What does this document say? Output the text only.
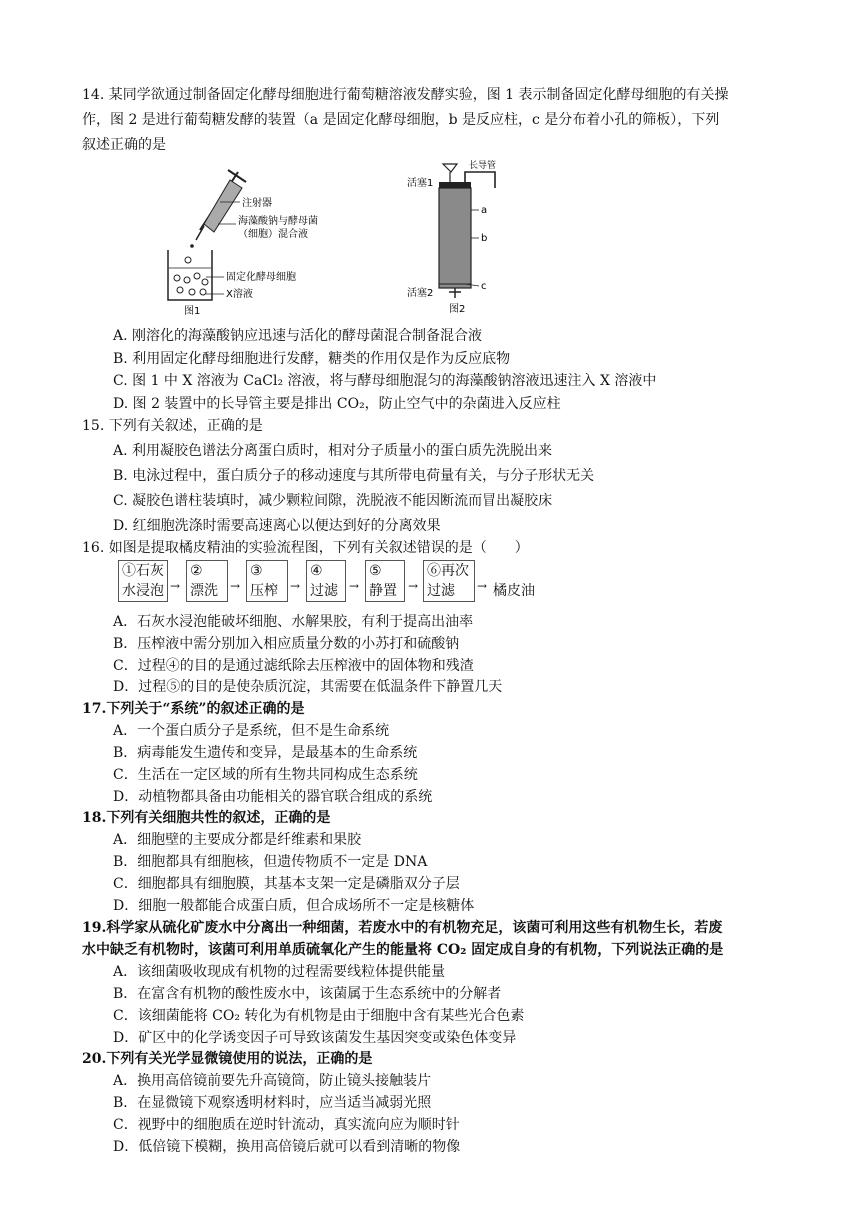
14. 某同学欲通过制备固定化酵母细胞进行葡萄糖溶液发酵实验，图 1 表示制备固定化酵母细胞的有关操
作，图 2 是进行葡萄糖发酵的装置（a 是固定化酵母细胞，b 是反应柱，c 是分布着小孔的筛板），下列
叙述正确的是
注射器
海藻酸钠与酵母菌
（细胞）混合液
固定化酵母细胞
X溶液
图1
活塞1
长导管
a
b
c
活塞2
图2
A. 刚溶化的海藻酸钠应迅速与活化的酵母菌混合制备混合液
B. 利用固定化酵母细胞进行发酵，糖类的作用仅是作为反应底物
C. 图 1 中 X 溶液为 CaCl₂ 溶液，将与酵母细胞混匀的海藻酸钠溶液迅速注入 X 溶液中
D. 图 2 装置中的长导管主要是排出 CO₂，防止空气中的杂菌进入反应柱
15. 下列有关叙述，正确的是
A. 利用凝胶色谱法分离蛋白质时，相对分子质量小的蛋白质先洗脱出来
B. 电泳过程中，蛋白质分子的移动速度与其所带电荷量有关，与分子形状无关
C. 凝胶色谱柱装填时，减少颗粒间隙，洗脱液不能因断流而冒出凝胶床
D. 红细胞洗涤时需要高速离心以便达到好的分离效果
16. 如图是提取橘皮精油的实验流程图，下列有关叙述错误的是（　　）
①石灰
水浸泡 →
②
漂洗	→
③
压榨	→
④
过滤 →
⑤
静置 →
⑥再次
过滤	→ 橘皮油
A．石灰水浸泡能破坏细胞、水解果胶，有利于提高出油率
B．压榨液中需分别加入相应质量分数的小苏打和硫酸钠
C．过程④的目的是通过滤纸除去压榨液中的固体物和残渣
D．过程⑤的目的是使杂质沉淀，其需要在低温条件下静置几天
17.下列关于“系统”的叙述正确的是
A．一个蛋白质分子是系统，但不是生命系统
B．病毒能发生遗传和变异，是最基本的生命系统
C．生活在一定区域的所有生物共同构成生态系统
D．动植物都具备由功能相关的器官联合组成的系统
18.下列有关细胞共性的叙述，正确的是
A．细胞壁的主要成分都是纤维素和果胶
B．细胞都具有细胞核，但遗传物质不一定是 DNA
C．细胞都具有细胞膜，其基本支架一定是磷脂双分子层
D．细胞一般都能合成蛋白质，但合成场所不一定是核糖体
19.科学家从硫化矿废水中分离出一种细菌，若废水中的有机物充足，该菌可利用这些有机物生长，若废
水中缺乏有机物时，该菌可利用单质硫氧化产生的能量将 CO₂ 固定成自身的有机物，下列说法正确的是
A．该细菌吸收现成有机物的过程需要线粒体提供能量
B．在富含有机物的酸性废水中，该菌属于生态系统中的分解者
C．该细菌能将 CO₂ 转化为有机物是由于细胞中含有某些光合色素
D．矿区中的化学诱变因子可导致该菌发生基因突变或染色体变异
20.下列有关光学显微镜使用的说法，正确的是
A．换用高倍镜前要先升高镜筒，防止镜头接触装片
B．在显微镜下观察透明材料时，应当适当减弱光照
C．视野中的细胞质在逆时针流动，真实流向应为顺时针
D．低倍镜下模糊，换用高倍镜后就可以看到清晰的物像
